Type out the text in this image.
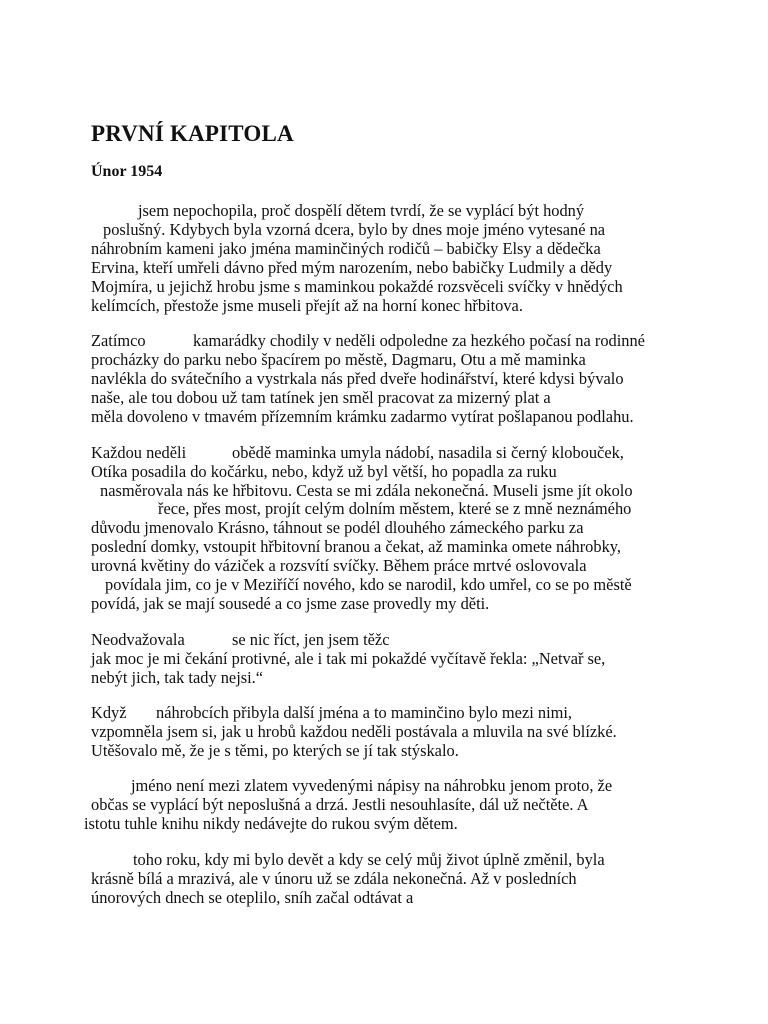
PRVNÍ KAPITOLA
Únor 1954
jsem nepochopila, proč dospělí dětem tvrdí, že se vyplácí být hodný
poslušný. Kdybych byla vzorná dcera, bylo by dnes moje jméno vytesané na
náhrobním kameni jako jména maminčiných rodičů – babičky Elsy a dědečka
Ervina, kteří umřeli dávno před mým narozením, nebo babičky Ludmily a dědy
Mojmíra, u jejichž hrobu jsme s maminkou pokaždé rozsvěceli svíčky v hnědých
kelímcích, přestože jsme museli přejít až na horní konec hřbitova.
Zatímco	kamarádky chodily v neděli odpoledne za hezkého počasí na rodinné
procházky do parku nebo špacírem po městě, Dagmaru, Otu a mě maminka
navlékla do svátečního a vystrkala nás před dveře hodinářství, které kdysi bývalo
naše, ale tou dobou už tam tatínek jen směl pracovat za mizerný plat a
měla dovoleno v tmavém přízemním krámku zadarmo vytírat pošlapanou podlahu.
Každou neděli	obědě maminka umyla nádobí, nasadila si černý klobouček,
Otíka posadila do kočárku, nebo, když už byl větší, ho popadla za ruku
nasměrovala nás ke hřbitovu. Cesta se mi zdála nekonečná. Museli jsme jít okolo
řece, přes most, projít celým dolním městem, které se z mně neznámého
důvodu jmenovalo Krásno, táhnout se podél dlouhého zámeckého parku za
poslední domky, vstoupit hřbitovní branou a čekat, až maminka omete náhrobky,
urovná květiny do váziček a rozsvítí svíčky. Během práce mrtvé oslovovala
povídala jim, co je v Meziříčí nového, kdo se narodil, kdo umřel, co se po městě
povídá, jak se mají sousedé a co jsme zase provedly my děti.
Neodvažovala	se nic říct, jen jsem těžc
jak moc je mi čekání protivné, ale i tak mi pokaždé vyčítavě řekla: „Netvař se,
nebýt jich, tak tady nejsi.“
Když náhrobcích přibyla další jména a to maminčino bylo mezi nimi,
vzpomněla jsem si, jak u hrobů každou neděli postávala a mluvila na své blízké.
Utěšovalo mě, že je s těmi, po kterých se jí tak stýskalo.
jméno není mezi zlatem vyvedenými nápisy na náhrobku jenom proto, že
občas se vyplácí být neposlušná a drzá. Jestli nesouhlasíte, dál už nečtěte. A
istotu tuhle knihu nikdy nedávejte do rukou svým dětem.
toho roku, kdy mi bylo devět a kdy se celý můj život úplně změnil, byla
krásně bílá a mrazivá, ale v únoru už se zdála nekonečná. Až v posledních
únorových dnech se oteplilo, sníh začal odtávat a
